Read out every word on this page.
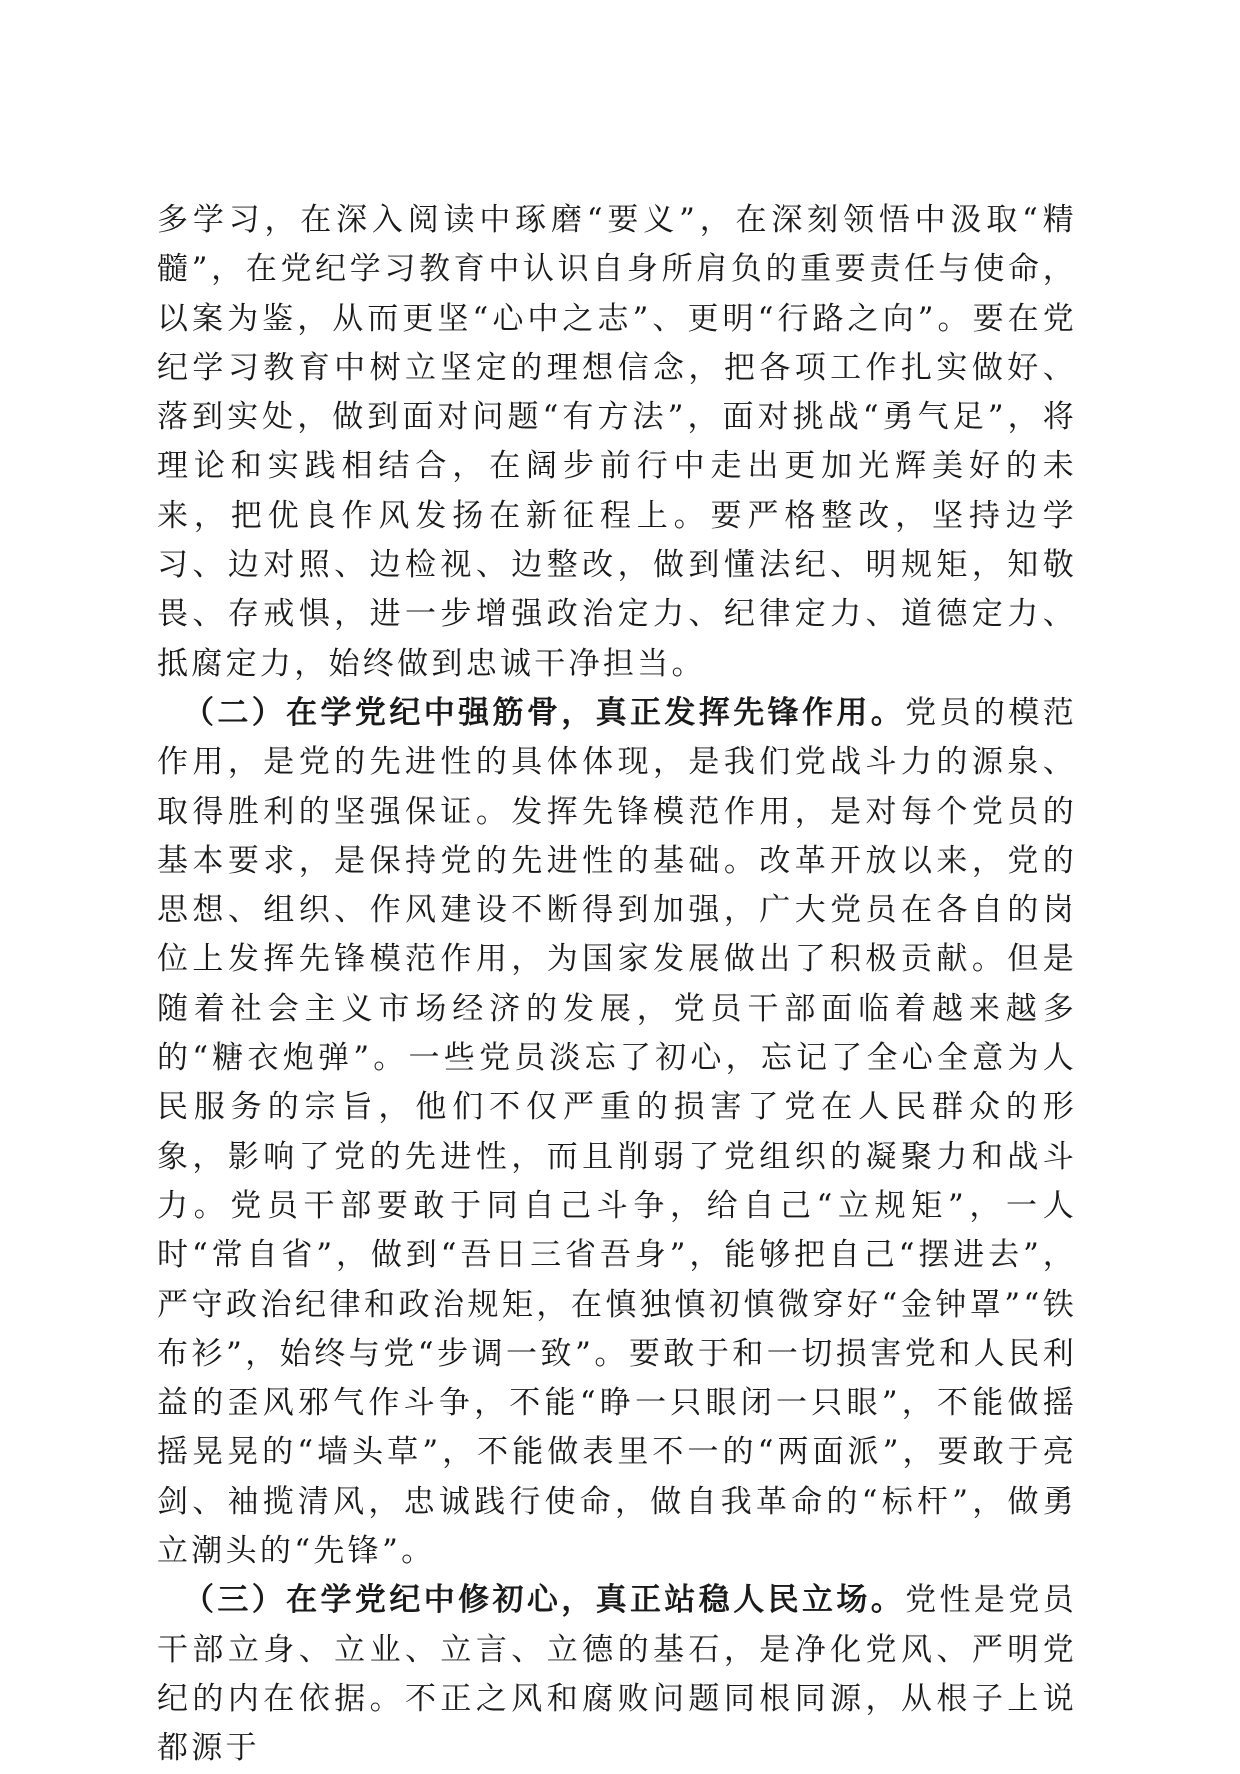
多学习，在深入阅读中琢磨“要义”，在深刻领悟中汲取“精髓”，在党纪学习教育中认识自身所肩负的重要责任与使命，以案为鉴，从而更坚“心中之志”、更明“行路之向”。要在党纪学习教育中树立坚定的理想信念，把各项工作扎实做好、落到实处，做到面对问题“有方法”，面对挑战“勇气足”，将理论和实践相结合，在阔步前行中走出更加光辉美好的未来，把优良作风发扬在新征程上。要严格整改，坚持边学习、边对照、边检视、边整改，做到懂法纪、明规矩，知敬畏、存戒惧，进一步增强政治定力、纪律定力、道德定力、抵腐定力，始终做到忠诚干净担当。

（二）在学党纪中强筋骨，真正发挥先锋作用。党员的模范作用，是党的先进性的具体体现，是我们党战斗力的源泉、取得胜利的坚强保证。发挥先锋模范作用，是对每个党员的基本要求，是保持党的先进性的基础。改革开放以来，党的思想、组织、作风建设不断得到加强，广大党员在各自的岗位上发挥先锋模范作用，为国家发展做出了积极贡献。但是随着社会主义市场经济的发展，党员干部面临着越来越多的“糖衣炮弹”。一些党员淡忘了初心，忘记了全心全意为人民服务的宗旨，他们不仅严重的损害了党在人民群众的形象，影响了党的先进性，而且削弱了党组织的凝聚力和战斗力。党员干部要敢于同自己斗争，给自己“立规矩”，一人时“常自省”，做到“吾日三省吾身”，能够把自己“摆进去”，严守政治纪律和政治规矩，在慎独慎初慎微穿好“金钟罩”“铁布衫”，始终与党“步调一致”。要敢于和一切损害党和人民利益的歪风邪气作斗争，不能“睁一只眼闭一只眼”，不能做摇摇晃晃的“墙头草”，不能做表里不一的“两面派”，要敢于亮剑、袖揽清风，忠诚践行使命，做自我革命的“标杆”，做勇立潮头的“先锋”。

（三）在学党纪中修初心，真正站稳人民立场。党性是党员干部立身、立业、立言、立德的基石，是净化党风、严明党纪的内在依据。不正之风和腐败问题同根同源，从根子上说都源于
